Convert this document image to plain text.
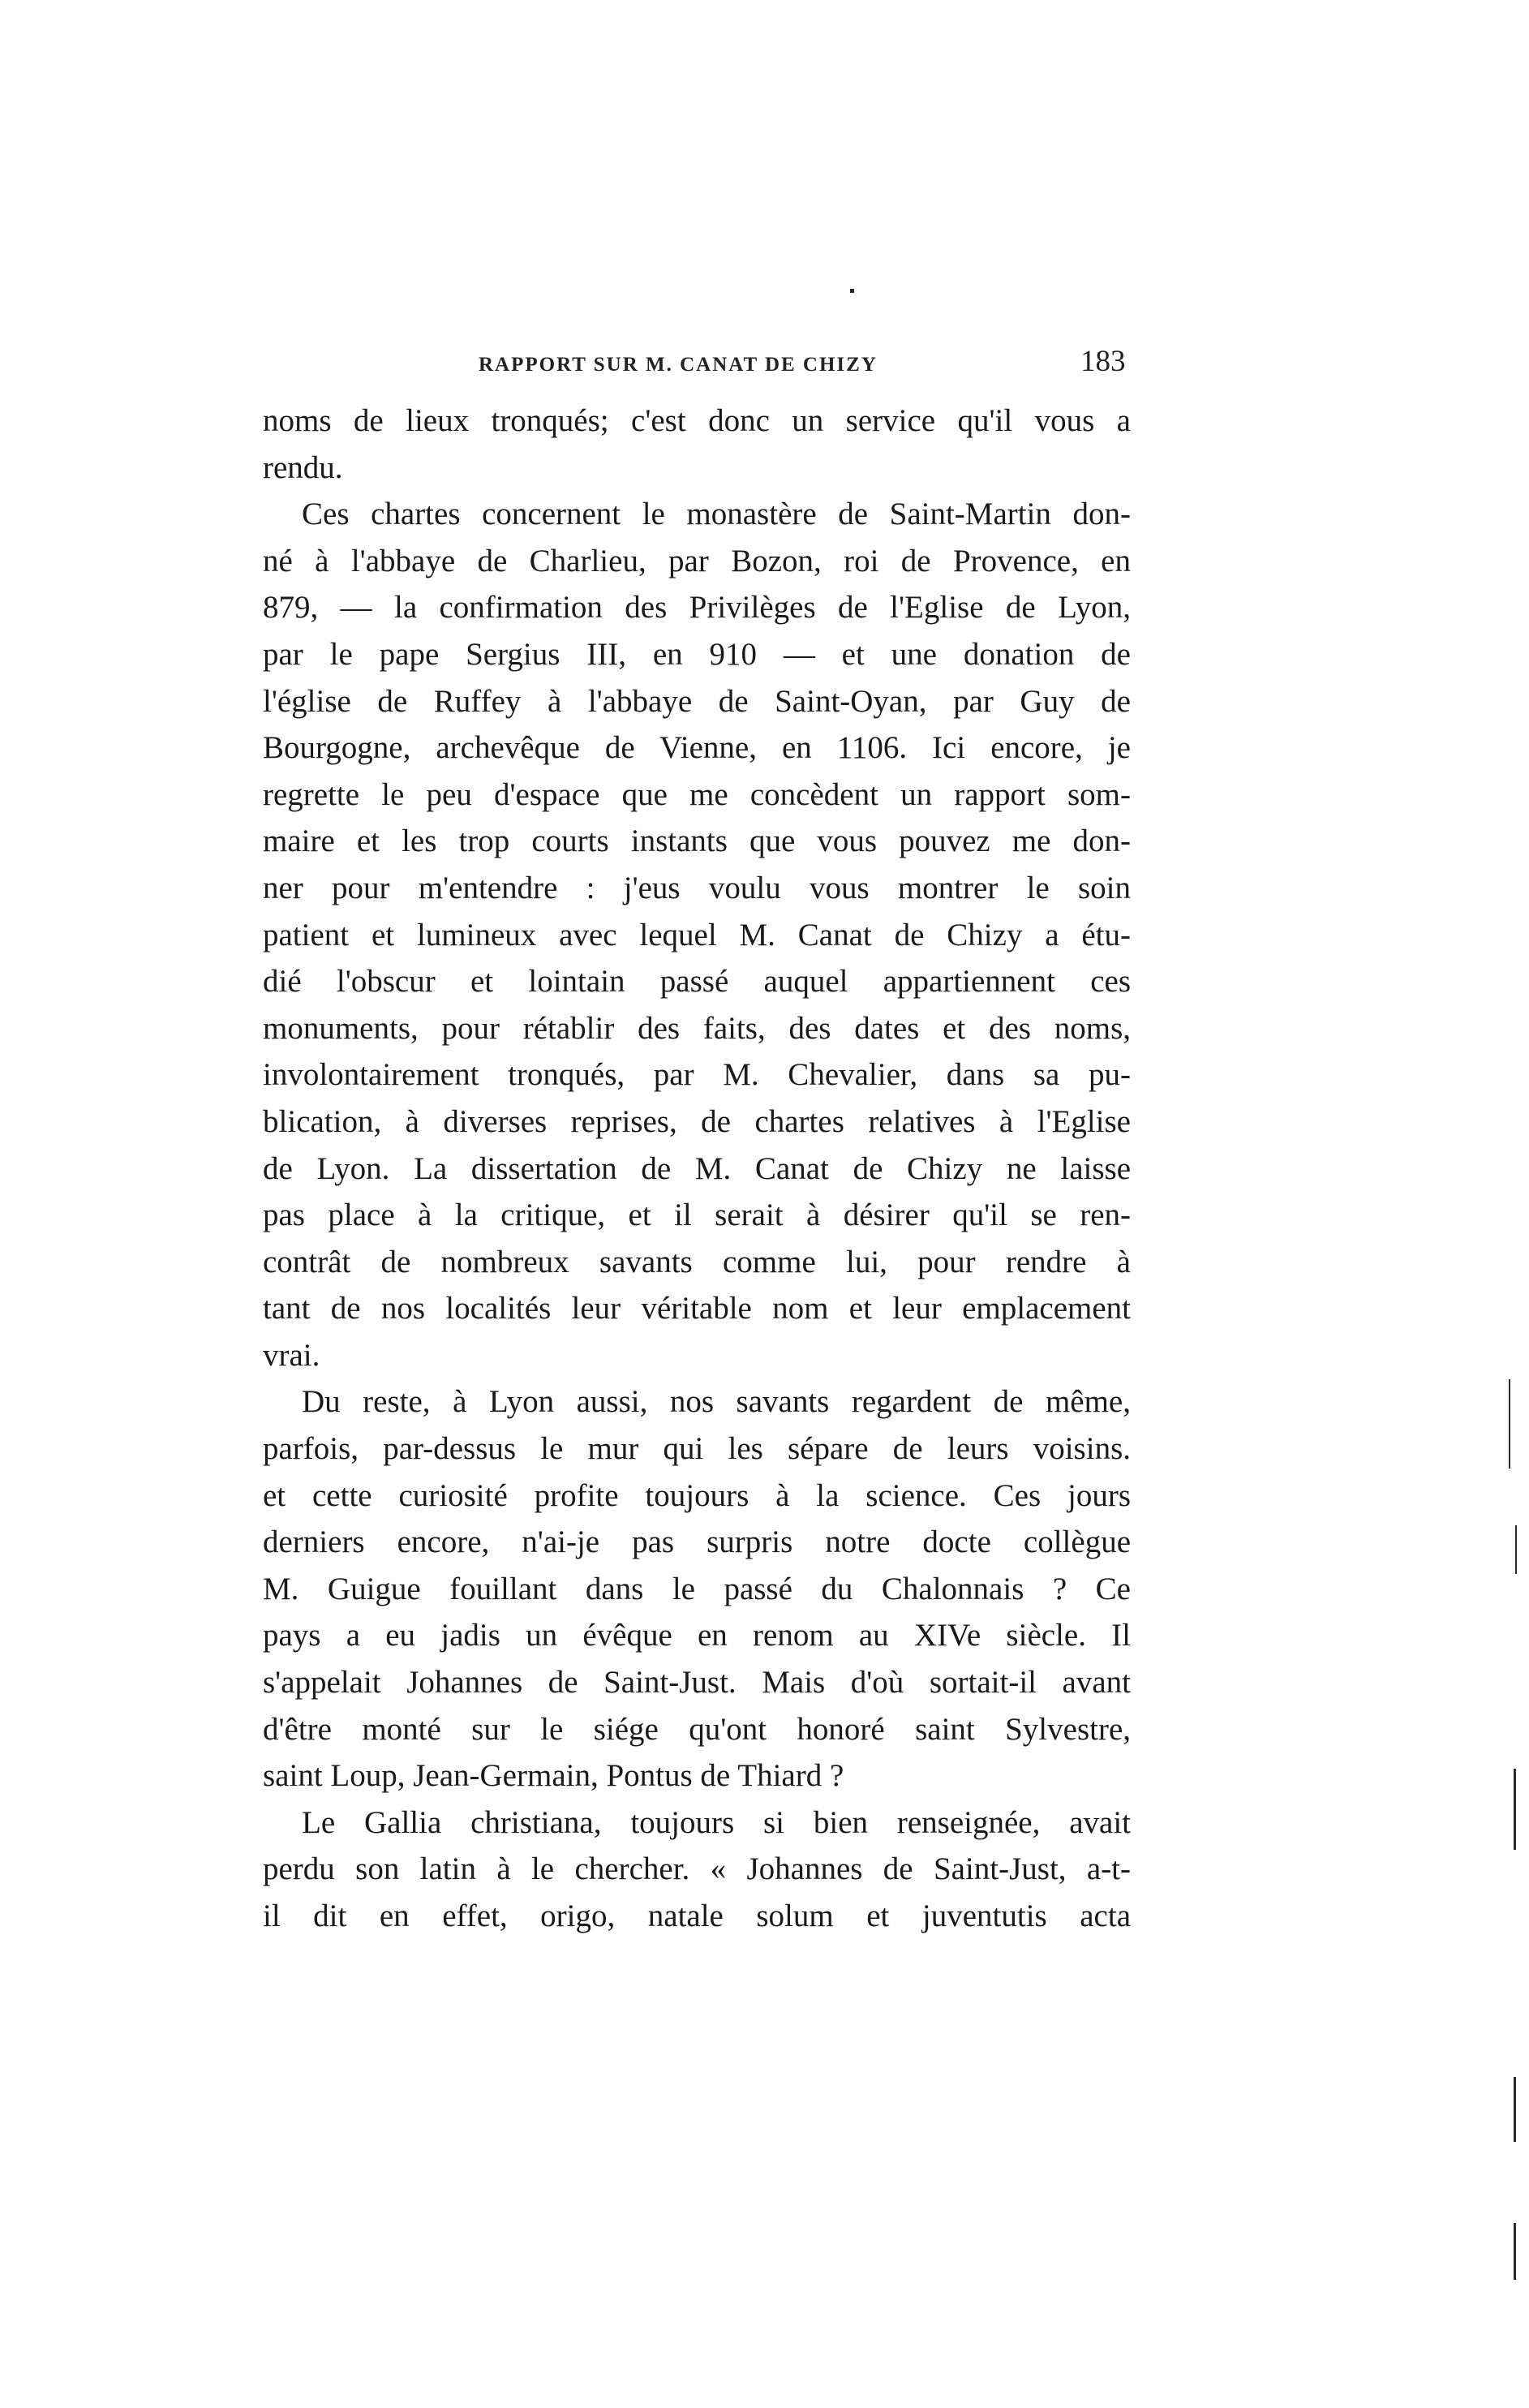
RAPPORT SUR M. CANAT DE CHIZY	183
noms de lieux tronqués; c'est donc un service qu'il vous a
rendu.
Ces chartes concernent le monastère de Saint-Martin don-
né à l'abbaye de Charlieu, par Bozon, roi de Provence, en
879, — la confirmation des Privilèges de l'Eglise de Lyon,
par le pape Sergius III, en 910 — et une donation de
l'église de Ruffey à l'abbaye de Saint-Oyan, par Guy de
Bourgogne, archevêque de Vienne, en 1106. Ici encore, je
regrette le peu d'espace que me concèdent un rapport som-
maire et les trop courts instants que vous pouvez me don-
ner pour m'entendre : j'eus voulu vous montrer le soin
patient et lumineux avec lequel M. Canat de Chizy a étu-
dié l'obscur et lointain passé auquel appartiennent ces
monuments, pour rétablir des faits, des dates et des noms,
involontairement tronqués, par M. Chevalier, dans sa pu-
blication, à diverses reprises, de chartes relatives à l'Eglise
de Lyon. La dissertation de M. Canat de Chizy ne laisse
pas place à la critique, et il serait à désirer qu'il se ren-
contrât de nombreux savants comme lui, pour rendre à
tant de nos localités leur véritable nom et leur emplacement
vrai.
Du reste, à Lyon aussi, nos savants regardent de même,
parfois, par-dessus le mur qui les sépare de leurs voisins.
et cette curiosité profite toujours à la science. Ces jours
derniers encore, n'ai-je pas surpris notre docte collègue
M. Guigue fouillant dans le passé du Chalonnais ? Ce
pays a eu jadis un évêque en renom au XIVe siècle. Il
s'appelait Johannes de Saint-Just. Mais d'où sortait-il avant
d'être monté sur le siége qu'ont honoré saint Sylvestre,
saint Loup, Jean-Germain, Pontus de Thiard ?
Le Gallia christiana, toujours si bien renseignée, avait
perdu son latin à le chercher. « Johannes de Saint-Just, a-t-
il dit en effet, origo, natale solum et juventutis acta
